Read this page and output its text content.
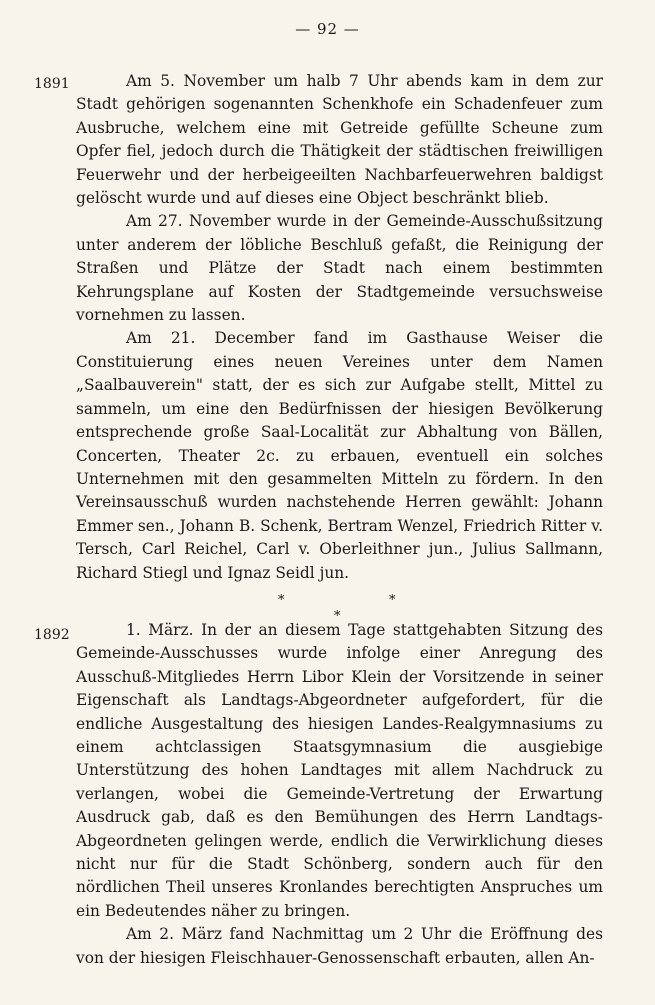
— 92 —
1891
1892

Am 5. November um halb 7 Uhr abends kam in dem zur Stadt gehörigen sogenannten Schenkhofe ein Schadenfeuer zum Ausbruche, welchem eine mit Getreide gefüllte Scheune zum Opfer fiel, jedoch durch die Thätigkeit der städtischen freiwilligen Feuerwehr und der herbeigeeilten Nachbarfeuerwehren baldigst gelöscht wurde und auf dieses eine Object beschränkt blieb.

Am 27. November wurde in der Gemeinde-Ausschußsitzung unter anderem der löbliche Beschluß gefaßt, die Reinigung der Straßen und Plätze der Stadt nach einem bestimmten Kehrungsplane auf Kosten der Stadtgemeinde versuchsweise vornehmen zu lassen.

Am 21. December fand im Gasthause Weiser die Constituierung eines neuen Vereines unter dem Namen „Saalbauverein" statt, der es sich zur Aufgabe stellt, Mittel zu sammeln, um eine den Bedürfnissen der hiesigen Bevölkerung entsprechende große Saal-Localität zur Abhaltung von Bällen, Concerten, Theater 2c. zu erbauen, eventuell ein solches Unternehmen mit den gesammelten Mitteln zu fördern. In den Vereinsausschuß wurden nachstehende Herren gewählt: Johann Emmer sen., Johann B. Schenk, Bertram Wenzel, Friedrich Ritter v. Tersch, Carl Reichel, Carl v. Oberleithner jun., Julius Sallmann, Richard Stiegl und Ignaz Seidl jun.

*	*
*

1. März. In der an diesem Tage stattgehabten Sitzung des Gemeinde-Ausschusses wurde infolge einer Anregung des Ausschuß-Mitgliedes Herrn Libor Klein der Vorsitzende in seiner Eigenschaft als Landtags-Abgeordneter aufgefordert, für die endliche Ausgestaltung des hiesigen Landes-Realgymnasiums zu einem achtclassigen Staatsgymnasium die ausgiebige Unterstützung des hohen Landtages mit allem Nachdruck zu verlangen, wobei die Gemeinde-Vertretung der Erwartung Ausdruck gab, daß es den Bemühungen des Herrn Landtags-Abgeordneten gelingen werde, endlich die Verwirklichung dieses nicht nur für die Stadt Schönberg, sondern auch für den nördlichen Theil unseres Kronlandes berechtigten Anspruches um ein Bedeutendes näher zu bringen.

Am 2. März fand Nachmittag um 2 Uhr die Eröffnung des von der hiesigen Fleischhauer-Genossenschaft erbauten, allen An-
